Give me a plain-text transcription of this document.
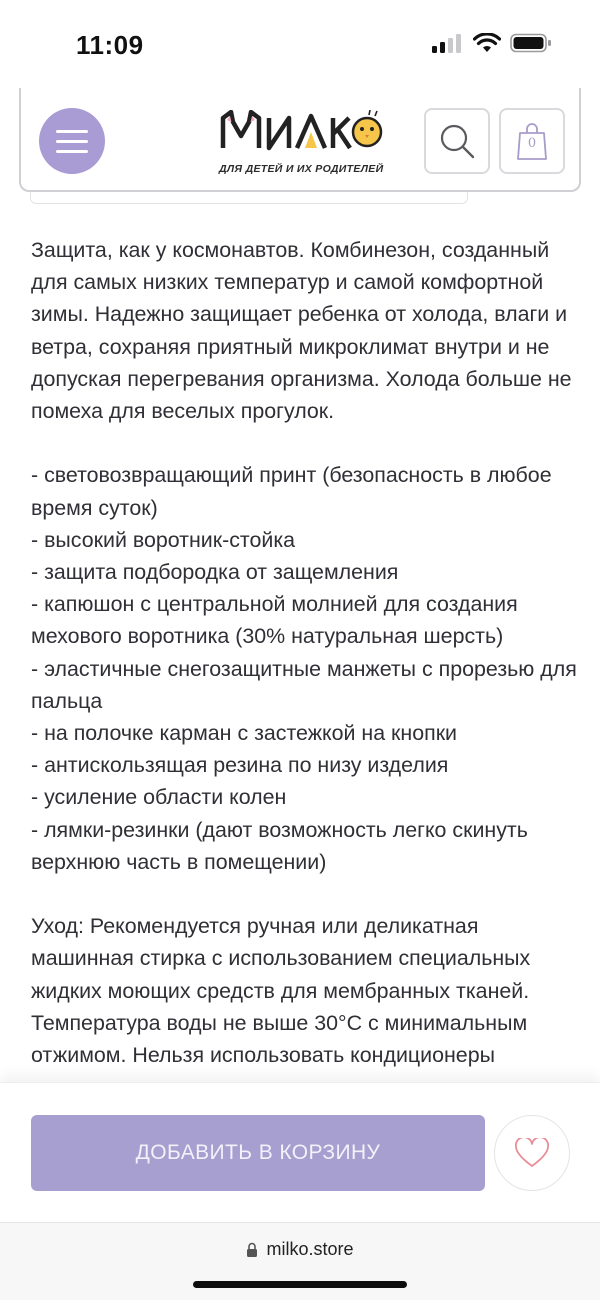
11:09
ДЛЯ ДЕТЕЙ И ИХ РОДИТЕЛЕЙ
0

Защита, как у космонавтов. Комбинезон, созданный для самых низких температур и самой комфортной зимы. Надежно защищает ребенка от холода, влаги и ветра, сохраняя приятный микроклимат внутри и не допуская перегревания организма. Холода больше не помеха для веселых прогулок.

- световозвращающий принт (безопасность в любое время суток)
- высокий воротник-стойка
- защита подбородка от защемления
- капюшон с центральной молнией для создания мехового воротника (30% натуральная шерсть)
- эластичные снегозащитные манжеты с прорезью для пальца
- на полочке карман с застежкой на кнопки
- антискользящая резина по низу изделия
- усиление области колен
- лямки-резинки (дают возможность легко скинуть верхнюю часть в помещении)

Уход: Рекомендуется ручная или деликатная машинная стирка с использованием специальных жидких моющих средств для мембранных тканей. Температура воды не выше 30°С с минимальным отжимом. Нельзя использовать кондиционеры

ДОБАВИТЬ В КОРЗИНУ
milko.store
